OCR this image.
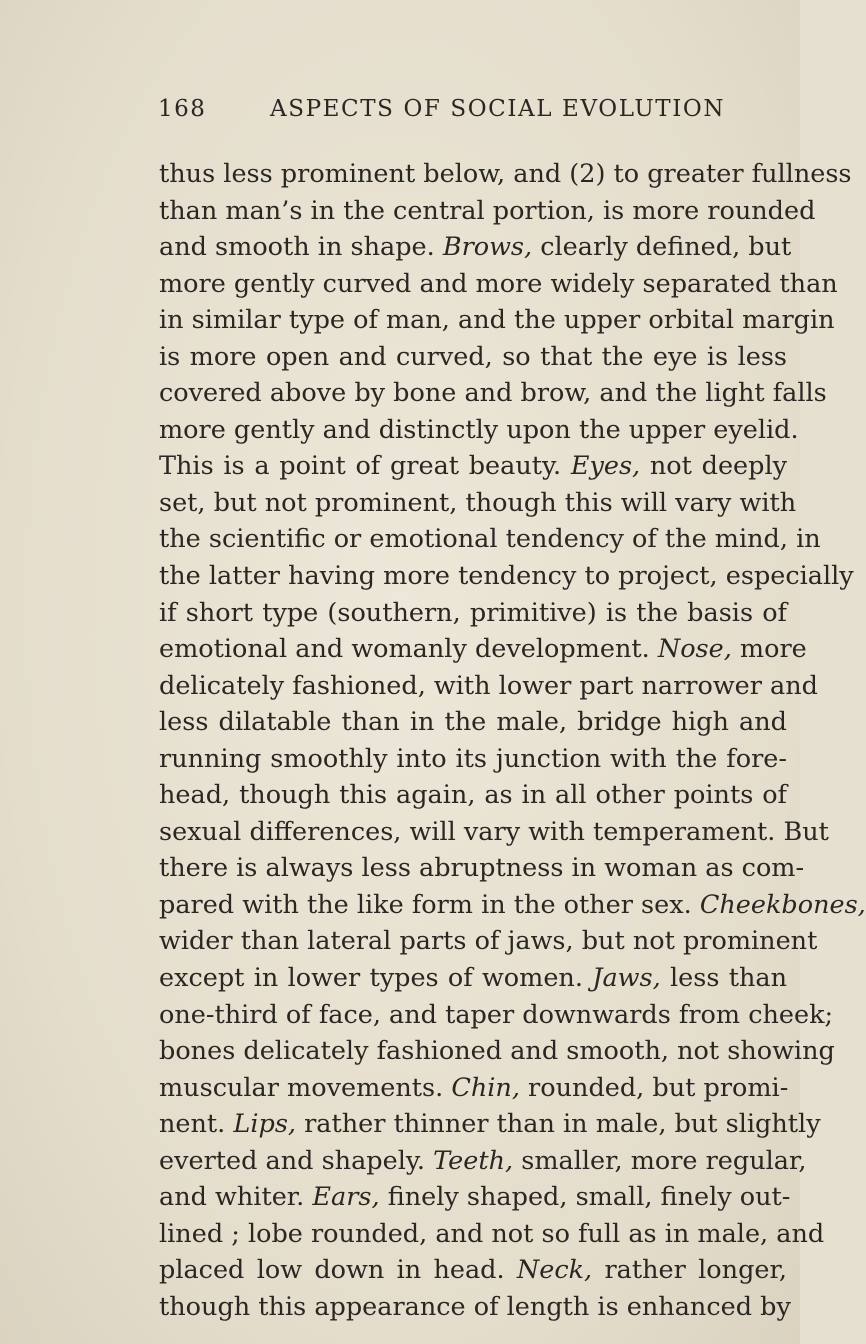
168	ASPECTS OF SOCIAL EVOLUTION
thus less prominent below, and (2) to greater fullness
than man’s in the central portion, is more rounded
and smooth in shape. Brows, clearly defined, but
more gently curved and more widely separated than
in similar type of man, and the upper orbital margin
is more open and curved, so that the eye is less
covered above by bone and brow, and the light falls
more gently and distinctly upon the upper eyelid.
This is a point of great beauty. Eyes, not deeply
set, but not prominent, though this will vary with
the scientific or emotional tendency of the mind, in
the latter having more tendency to project, especially
if short type (southern, primitive) is the basis of
emotional and womanly development. Nose, more
delicately fashioned, with lower part narrower and
less dilatable than in the male, bridge high and
running smoothly into its junction with the fore-
head, though this again, as in all other points of
sexual differences, will vary with temperament. But
there is always less abruptness in woman as com-
pared with the like form in the other sex. Cheekbones,
wider than lateral parts of jaws, but not prominent
except in lower types of women. Jaws, less than
one-third of face, and taper downwards from cheek;
bones delicately fashioned and smooth, not showing
muscular movements. Chin, rounded, but promi-
nent. Lips, rather thinner than in male, but slightly
everted and shapely. Teeth, smaller, more regular,
and whiter. Ears, finely shaped, small, finely out-
lined ; lobe rounded, and not so full as in male, and
placed low down in head. Neck, rather longer,
though this appearance of length is enhanced by
